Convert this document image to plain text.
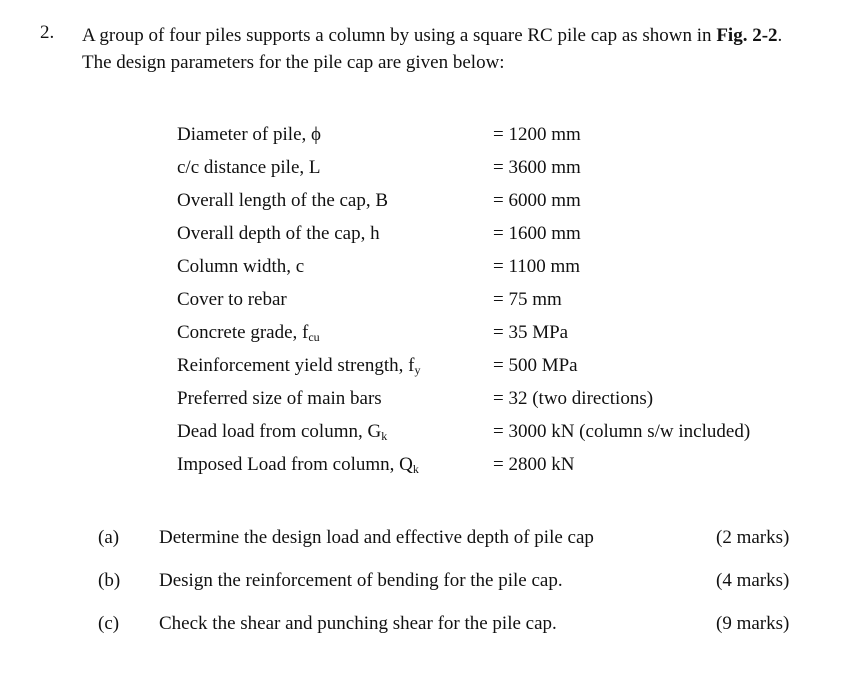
2. A group of four piles supports a column by using a square RC pile cap as shown in Fig. 2-2.
The design parameters for the pile cap are given below:
Diameter of pile, ϕ	= 1200 mm
c/c distance pile, L	= 3600 mm
Overall length of the cap, B	= 6000 mm
Overall depth of the cap, h	= 1600 mm
Column width, c	= 1100 mm
Cover to rebar	= 75 mm
Concrete grade, $f_{cu}$	= 35 MPa
Reinforcement yield strength, $f_y$	= 500 MPa
Preferred size of main bars	= 32 (two directions)
Dead load from column, $G_k$	= 3000 kN (column s/w included)
Imposed Load from column, $Q_k$	= 2800 kN
(a) Determine the design load and effective depth of pile cap	(2 marks)
(b) Design the reinforcement of bending for the pile cap.	(4 marks)
(c) Check the shear and punching shear for the pile cap.	(9 marks)
